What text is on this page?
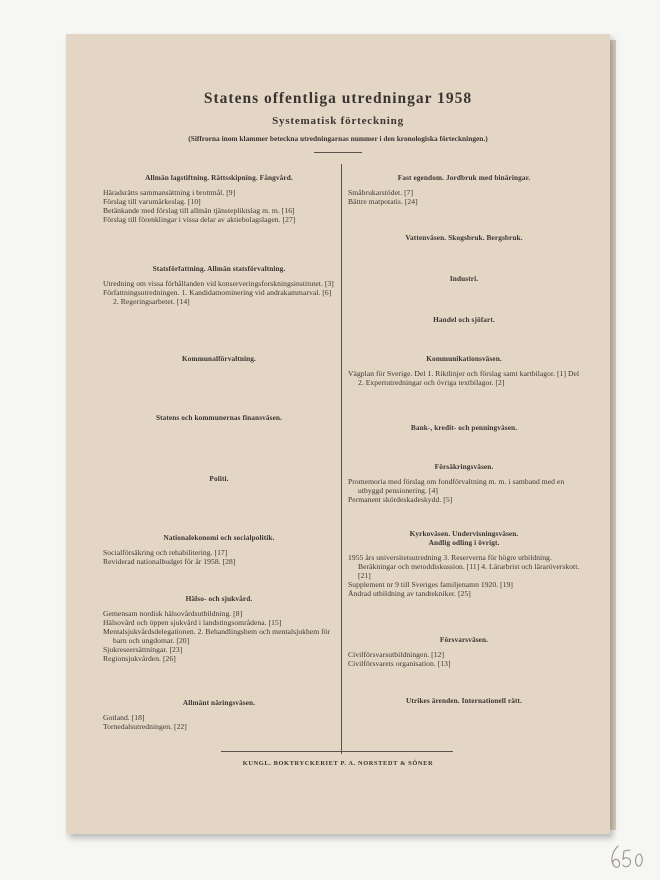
Statens offentliga utredningar 1958
Systematisk förteckning
(Siffrorna inom klammer beteckna utredningarnas nummer i den kronologiska förteckningen.)
Allmän lagstiftning. Rättsskipning. Fångvård.
Häradsrätts sammansättning i brottmål. [9]
Förslag till varumärkeslag. [10]
Betänkande med förslag till allmän tjänstepliktslag m. m. [16]
Förslag till förenklingar i vissa delar av aktiebolagslagen. [27]
Statsförfattning. Allmän statsförvaltning.
Utredning om vissa förhållanden vid konserveringsforskningsinstitutet. [3]
Författningsutredningen. 1. Kandidatnominering vid andrakammarval. [6] 2. Regeringsarbetet. [14]
Kommunalförvaltning.
Statens och kommunernas finansväsen.
Politi.
Nationalekonomi och socialpolitik.
Socialförsäkring och rehabilitering. [17]
Reviderad nationalbudget för år 1958. [28]
Hälso- och sjukvård.
Gemensam nordisk hälsovårdsutbildning. [8]
Hälsovård och öppen sjukvård i landstingsområdena. [15]
Mentalsjukvårdsdelegationen. 2. Behandlingshem och mentalsjukhem för barn och ungdomar. [20]
Sjukreseersättningar. [23]
Regionsjukvården. [26]
Allmänt näringsväsen.
Gotland. [18]
Tornedalsutredningen. [22]
Fast egendom. Jordbruk med binäringar.
Småbrukarstödet. [7]
Bättre matpotatis. [24]
Vattenväsen. Skogsbruk. Bergsbruk.
Industri.
Handel och sjöfart.
Kommunikationsväsen.
Vägplan för Sverige. Del 1. Riktlinjer och förslag samt kartbilagor. [1] Del 2. Expertutredningar och övriga textbilagor. [2]
Bank-, kredit- och penningväsen.
Försäkringsväsen.
Promemoria med förslag om fondförvaltning m. m. i samband med en utbyggd pensionering. [4]
Permanent skördeskadeskydd. [5]
Kyrkoväsen. Undervisningsväsen. Andlig odling i övrigt.
1955 års universitetsutredning 3. Reserverna för högre utbildning. Beräkningar och metoddiskussion. [11] 4. Lärarbrist och läraröverskott. [21]
Supplement nr 9 till Sveriges familjenamn 1920. [19]
Ändrad utbildning av tandtekniker. [25]
Försvarsväsen.
Civilförsvarsutbildningen. [12]
Civilförsvarets organisation. [13]
Utrikes ärenden. Internationell rätt.
KUNGL. BOKTRYCKERIET P. A. NORSTEDT & SÖNER
